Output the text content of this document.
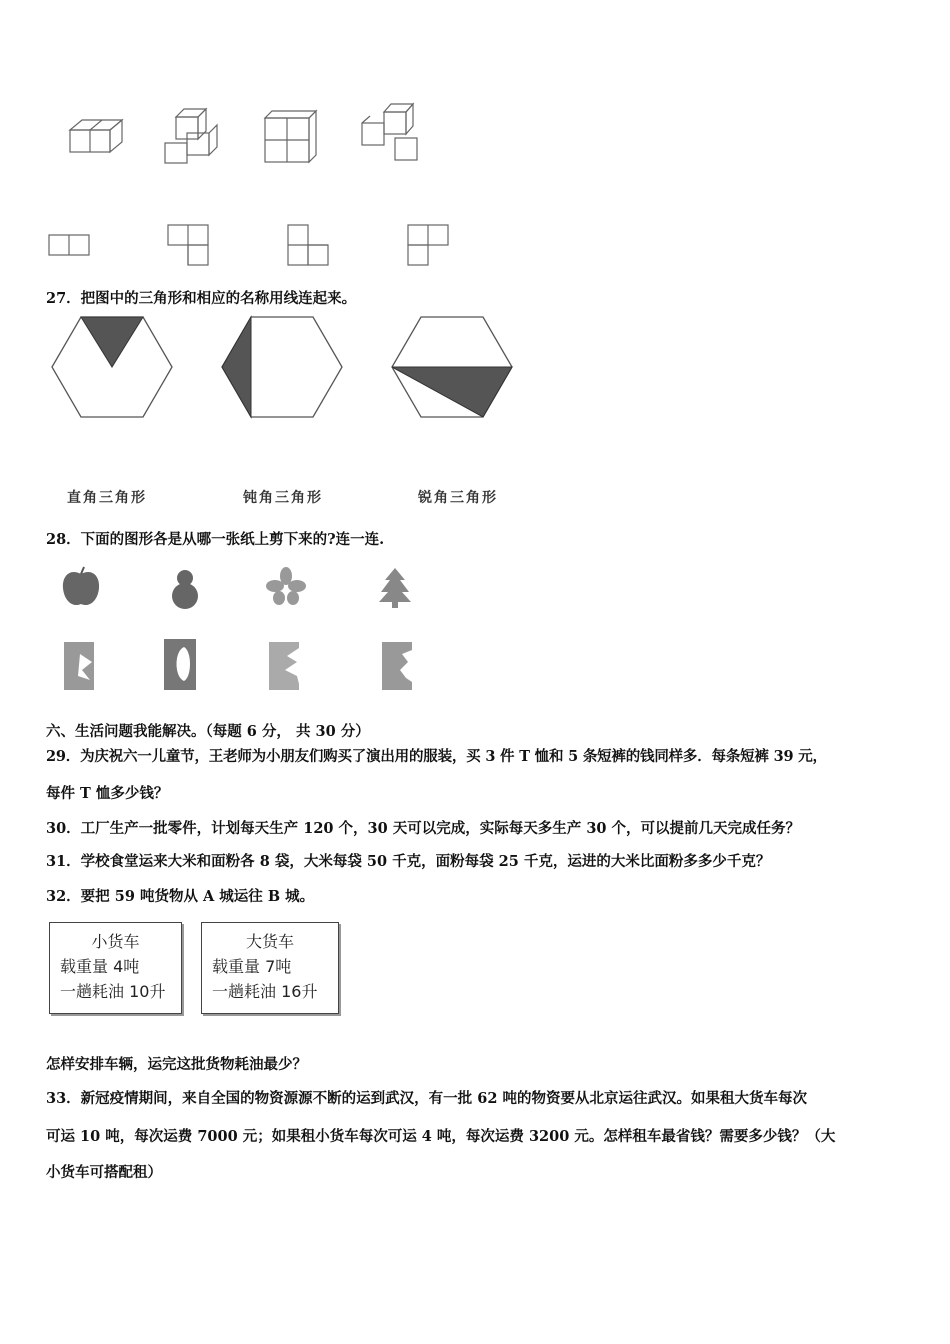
27．把图中的三角形和相应的名称用线连起来。
直角三角形	钝角三角形	锐角三角形
28．下面的图形各是从哪一张纸上剪下来的?连一连.
六、生活问题我能解决。（每题 6 分， 共 30 分）
29．为庆祝六一儿童节，王老师为小朋友们购买了演出用的服装，买 3 件 T 恤和 5 条短裤的钱同样多．每条短裤 39 元，
每件 T 恤多少钱？
30．工厂生产一批零件，计划每天生产 120 个，30 天可以完成，实际每天多生产 30 个，可以提前几天完成任务？
31．学校食堂运来大米和面粉各 8 袋，大米每袋 50 千克，面粉每袋 25 千克，运进的大米比面粉多多少千克？
32．要把 59 吨货物从 A 城运往 B 城。
小货车
载重量 4吨
一趟耗油 10升
大货车
载重量 7吨
一趟耗油 16升
怎样安排车辆，运完这批货物耗油最少？
33．新冠疫情期间，来自全国的物资源源不断的运到武汉，有一批 62 吨的物资要从北京运往武汉。如果租大货车每次
可运 10 吨，每次运费 7000 元；如果租小货车每次可运 4 吨，每次运费 3200 元。怎样租车最省钱？需要多少钱？（大
小货车可搭配租）
